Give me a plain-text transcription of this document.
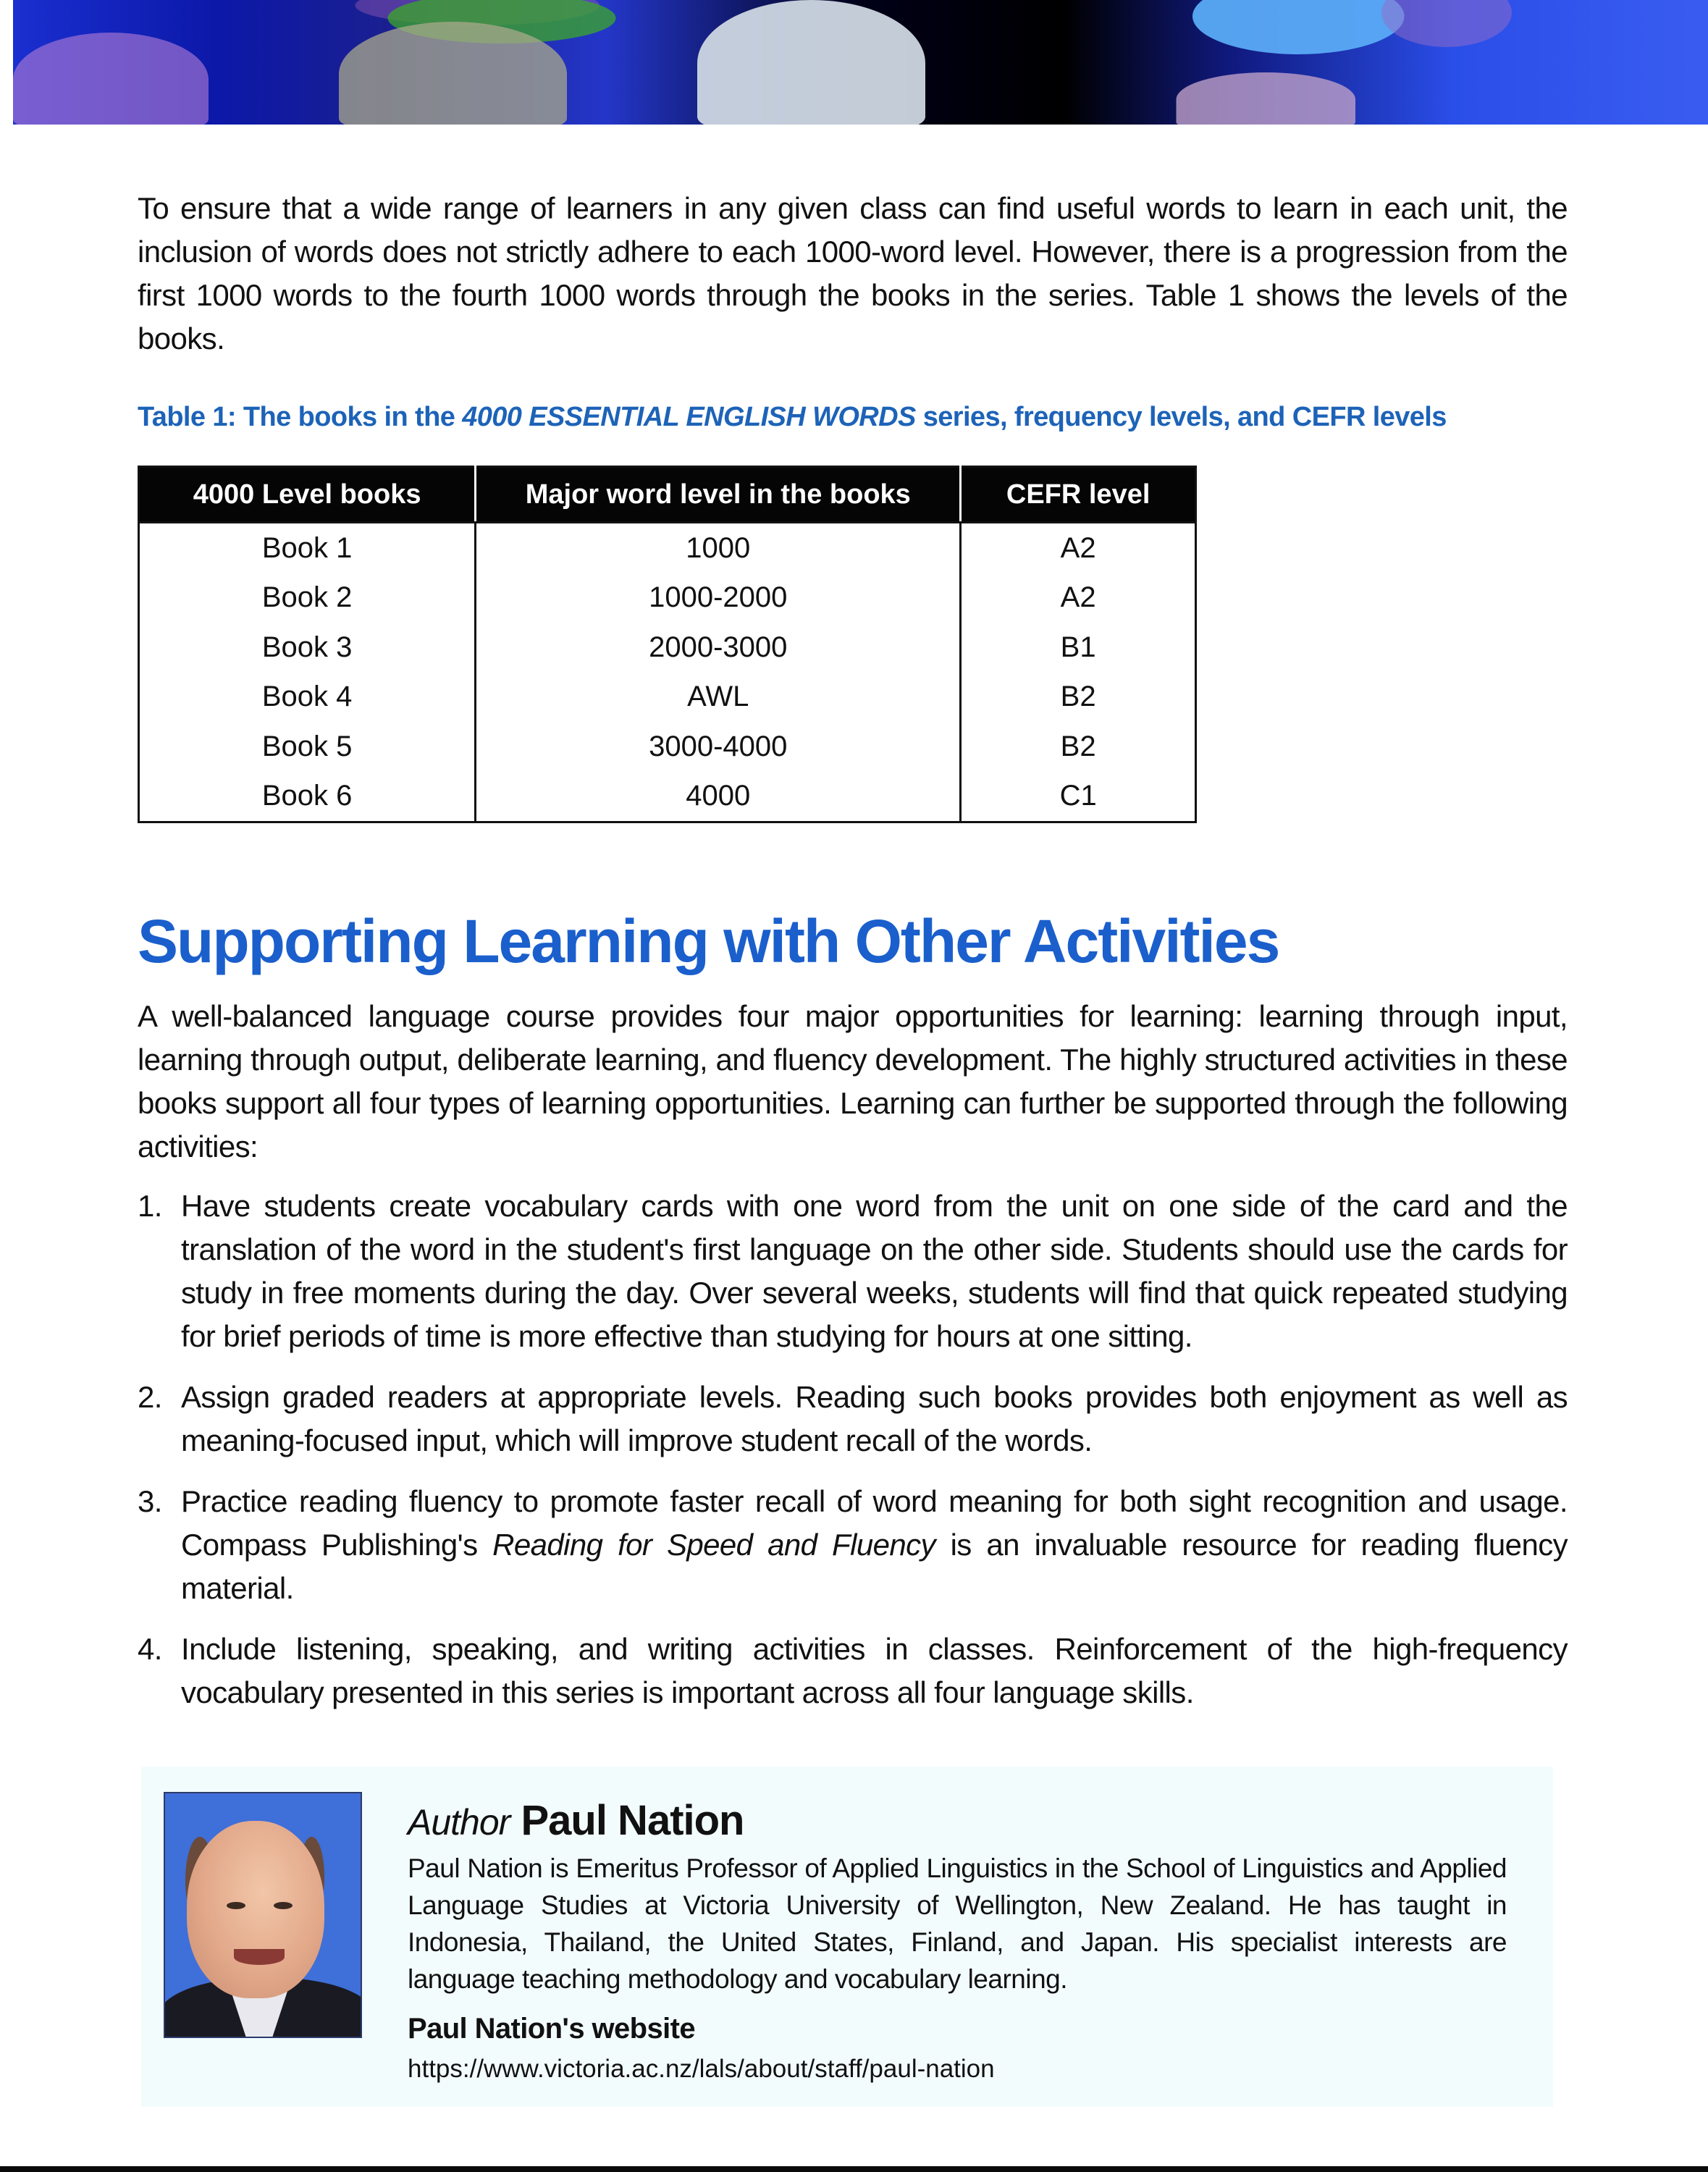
To ensure that a wide range of learners in any given class can find useful words to learn in each unit, the inclusion of words does not strictly adhere to each 1000-word level. However, there is a progression from the first 1000 words to the fourth 1000 words through the books in the series. Table 1 shows the levels of the books.

Table 1: The books in the 4000 ESSENTIAL ENGLISH WORDS series, frequency levels, and CEFR levels

4000 Level books	Major word level in the books	CEFR level
Book 1	1000	A2
Book 2	1000-2000	A2
Book 3	2000-3000	B1
Book 4	AWL	B2
Book 5	3000-4000	B2
Book 6	4000	C1
Supporting Learning with Other Activities

A well-balanced language course provides four major opportunities for learning: learning through input, learning through output, deliberate learning, and fluency development. The highly structured activities in these books support all four types of learning opportunities. Learning can further be supported through the following activities:

1. Have students create vocabulary cards with one word from the unit on one side of the card and the translation of the word in the student's first language on the other side. Students should use the cards for study in free moments during the day. Over several weeks, students will find that quick repeated studying for brief periods of time is more effective than studying for hours at one sitting.
2. Assign graded readers at appropriate levels. Reading such books provides both enjoyment as well as meaning-focused input, which will improve student recall of the words.
3. Practice reading fluency to promote faster recall of word meaning for both sight recognition and usage. Compass Publishing's Reading for Speed and Fluency is an invaluable resource for reading fluency material.
4. Include listening, speaking, and writing activities in classes. Reinforcement of the high-frequency vocabulary presented in this series is important across all four language skills.
Author Paul Nation

Paul Nation is Emeritus Professor of Applied Linguistics in the School of Linguistics and Applied Language Studies at Victoria University of Wellington, New Zealand. He has taught in Indonesia, Thailand, the United States, Finland, and Japan. His specialist interests are language teaching methodology and vocabulary learning.

Paul Nation's website

https://www.victoria.ac.nz/lals/about/staff/paul-nation
